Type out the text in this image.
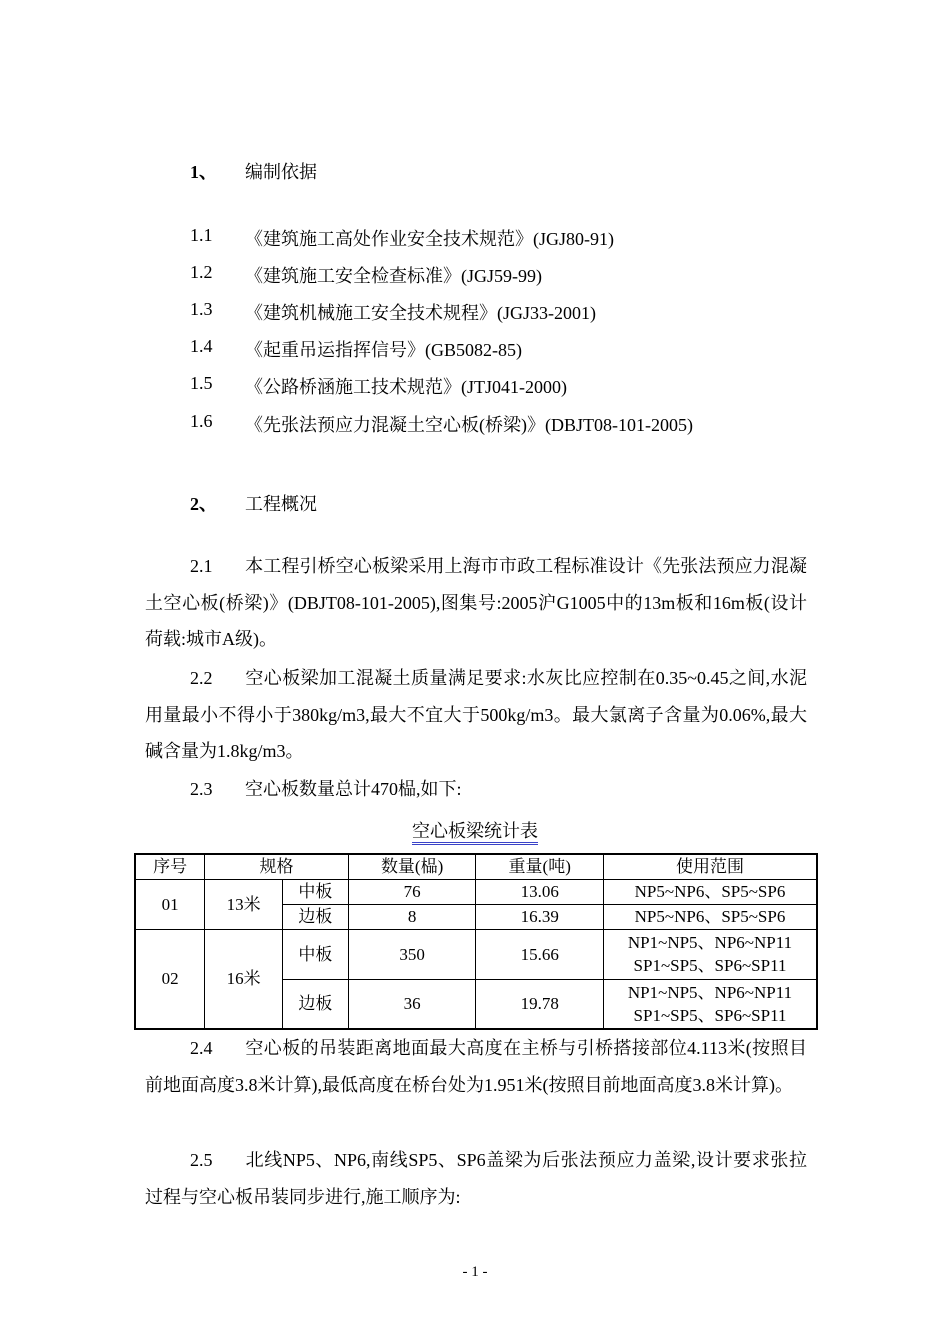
1、 编制依据
1.1 《建筑施工高处作业安全技术规范》(JGJ80-91)
1.2 《建筑施工安全检查标准》(JGJ59-99)
1.3 《建筑机械施工安全技术规程》(JGJ33-2001)
1.4 《起重吊运指挥信号》(GB5082-85)
1.5 《公路桥涵施工技术规范》(JTJ041-2000)
1.6 《先张法预应力混凝土空心板(桥梁)》(DBJT08-101-2005)
2、 工程概况
2.1 本工程引桥空心板梁采用上海市市政工程标准设计《先张法预应力混凝土空心板(桥梁)》(DBJT08-101-2005),图集号:2005沪G1005中的13m板和16m板(设计荷载:城市A级)。
2.2 空心板梁加工混凝土质量满足要求:水灰比应控制在0.35~0.45之间,水泥用量最小不得小于380kg/m3,最大不宜大于500kg/m3。最大氯离子含量为0.06%,最大碱含量为1.8kg/m3。
2.3 空心板数量总计470榀,如下:
空心板梁统计表
序号	规格		数量(榀)	重量(吨)	使用范围
01	13米	中板	76	13.06	NP5~NP6、SP5~SP6
		边板	8	16.39	NP5~NP6、SP5~SP6
02	16米	中板	350	15.66	NP1~NP5、NP6~NP11
SP1~SP5、SP6~SP11

		边板	36	19.78	NP1~NP5、NP6~NP11
SP1~SP5、SP6~SP11
2.4 空心板的吊装距离地面最大高度在主桥与引桥搭接部位4.113米(按照目前地面高度3.8米计算),最低高度在桥台处为1.951米(按照目前地面高度3.8米计算)。
2.5 北线NP5、NP6,南线SP5、SP6盖梁为后张法预应力盖梁,设计要求张拉过程与空心板吊装同步进行,施工顺序为:
- 1 -
